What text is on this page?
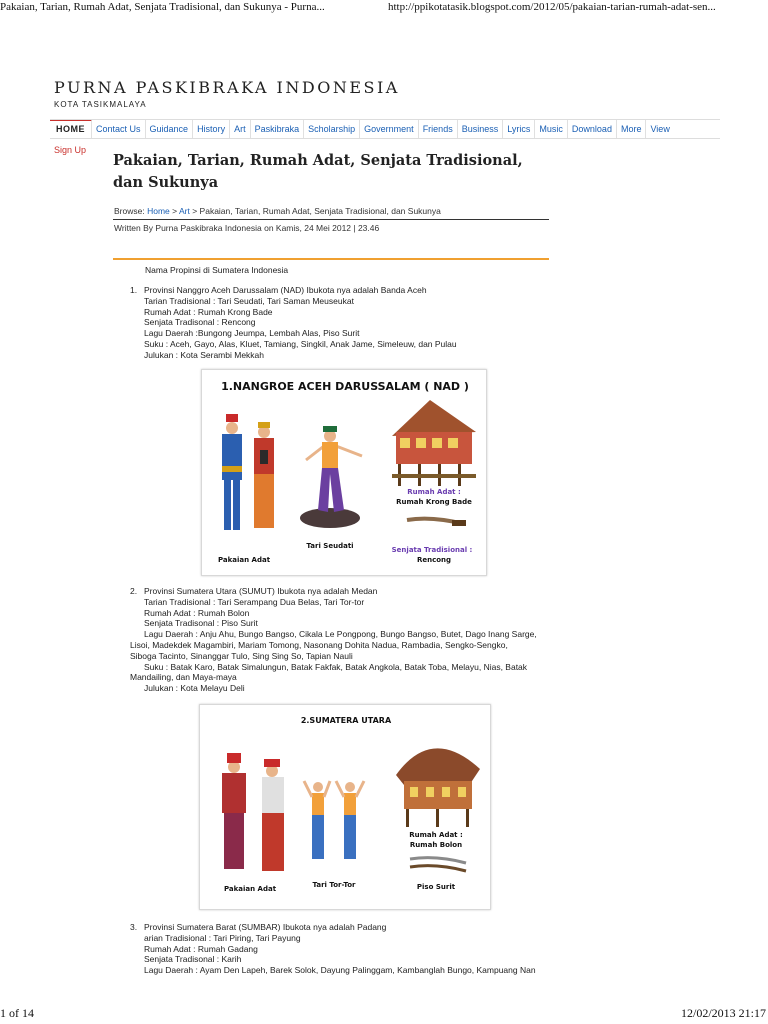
Pakaian, Tarian, Rumah Adat, Senjata Tradisional, dan Sukunya - Purna...	http://ppikotatasik.blogspot.com/2012/05/pakaian-tarian-rumah-adat-sen...
PURNA PASKIBRAKA INDONESIA
KOTA TASIKMALAYA
HOME	Contact Us	Guidance	History	Art	Paskibraka	Scholarship	Government	Friends	Business	Lyrics	Music	Download	More	View
Sign Up
Pakaian, Tarian, Rumah Adat, Senjata Tradisional, dan Sukunya
Browse: Home > Art > Pakaian, Tarian, Rumah Adat, Senjata Tradisional, dan Sukunya
Written By Purna Paskibraka Indonesia on Kamis, 24 Mei 2012 | 23.46
Nama Propinsi di Sumatera Indonesia
1. Provinsi Nanggro Aceh Darussalam (NAD) Ibukota nya adalah Banda Aceh
Tarian Tradisional : Tari Seudati, Tari Saman Meuseukat
Rumah Adat : Rumah Krong Bade
Senjata Tradisonal : Rencong
Lagu Daerah :Bungong Jeumpa, Lembah Alas, Piso Surit
Suku : Aceh, Gayo, Alas, Kluet, Tamiang, Singkil, Anak Jame, Simeleuw, dan Pulau
Julukan : Kota Serambi Mekkah
1.NANGROE ACEH DARUSSALAM ( NAD )
Pakaian Adat
Tari Seudati
Rumah Adat :
Rumah Krong Bade
Senjata Tradisional :
Rencong
2. Provinsi Sumatera Utara (SUMUT) Ibukota nya adalah Medan
Tarian Tradisional : Tari Serampang Dua Belas, Tari Tor-tor
Rumah Adat : Rumah Bolon
Senjata Tradisonal : Piso Surit
Lagu Daerah : Anju Ahu, Bungo Bangso, Cikala Le Pongpong, Bungo Bangso, Butet, Dago Inang Sarge,
Lisoi, Madekdek Magambiri, Mariam Tomong, Nasonang Dohita Nadua, Rambadia, Sengko-Sengko,
Siboga Tacinto, Sinanggar Tulo, Sing Sing So, Tapian Nauli
Suku : Batak Karo, Batak Simalungun, Batak Fakfak, Batak Angkola, Batak Toba, Melayu, Nias, Batak
Mandailing, dan Maya-maya
Julukan : Kota Melayu Deli
2.SUMATERA UTARA
Pakaian Adat	Tari Tor-Tor
Rumah Adat :
Rumah Bolon
Piso Surit
3. Provinsi Sumatera Barat (SUMBAR) Ibukota nya adalah Padang
arian Tradisional : Tari Piring, Tari Payung
Rumah Adat : Rumah Gadang
Senjata Tradisonal : Karih
Lagu Daerah : Ayam Den Lapeh, Barek Solok, Dayung Palinggam, Kambanglah Bungo, Kampuang Nan
1 of 14	12/02/2013 21:17
